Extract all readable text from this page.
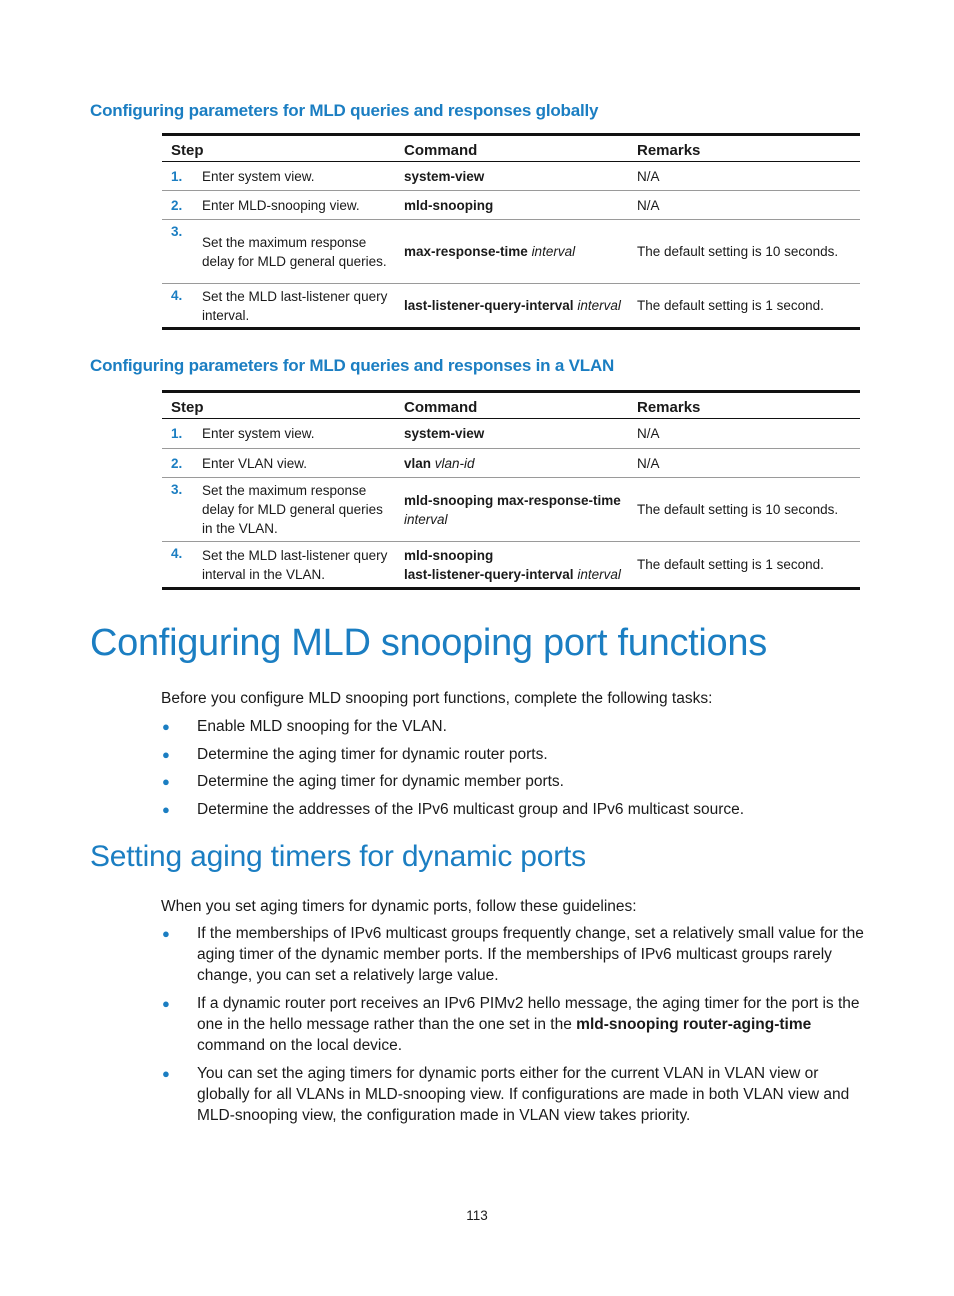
Configuring parameters for MLD queries and responses globally
Step	Command	Remarks

1. Enter system view.	system-view	N/A

2. Enter MLD-snooping view.	mld-snooping	N/A

3.
Set the maximum response delay for MLD general queries.	max-response-time interval	The default setting is 10 seconds.

4. Set the MLD last-listener query interval.	last-listener-query-interval interval	The default setting is 1 second.
Configuring parameters for MLD queries and responses in a VLAN
Step	Command	Remarks

1. Enter system view.	system-view	N/A

2. Enter VLAN view.	vlan vlan-id	N/A

3. Set the maximum response delay for MLD general queries in the VLAN.	mld-snooping max-response-time
interval	The default setting is 10 seconds.

4. Set the MLD last-listener query interval in the VLAN.	mld-snooping
last-listener-query-interval interval	The default setting is 1 second.
Configuring MLD snooping port functions

Before you configure MLD snooping port functions, complete the following tasks:

● Enable MLD snooping for the VLAN.
● Determine the aging timer for dynamic router ports.
● Determine the aging timer for dynamic member ports.
● Determine the addresses of the IPv6 multicast group and IPv6 multicast source.
Setting aging timers for dynamic ports

When you set aging timers for dynamic ports, follow these guidelines:

● If the memberships of IPv6 multicast groups frequently change, set a relatively small value for the aging timer of the dynamic member ports. If the memberships of IPv6 multicast groups rarely change, you can set a relatively large value.
● If a dynamic router port receives an IPv6 PIMv2 hello message, the aging timer for the port is the one in the hello message rather than the one set in the mld-snooping router-aging-time command on the local device.
● You can set the aging timers for dynamic ports either for the current VLAN in VLAN view or globally for all VLANs in MLD-snooping view. If configurations are made in both VLAN view and MLD-snooping view, the configuration made in VLAN view takes priority.
113
